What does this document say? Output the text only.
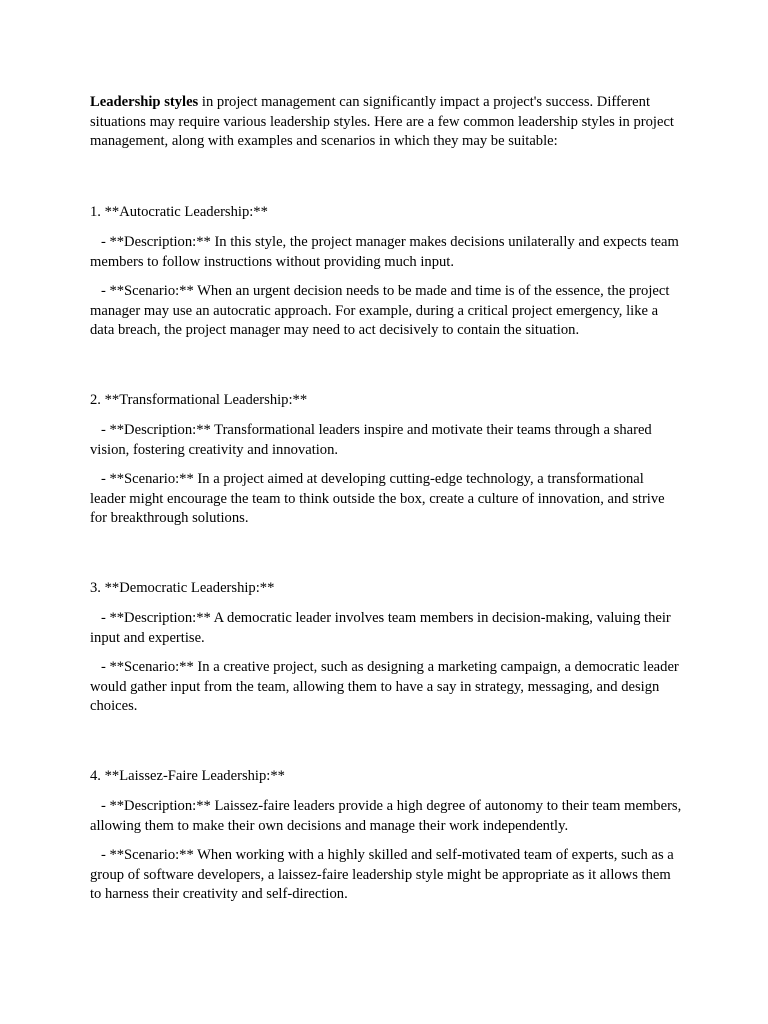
Leadership styles in project management can significantly impact a project's success. Different situations may require various leadership styles. Here are a few common leadership styles in project management, along with examples and scenarios in which they may be suitable:

1. **Autocratic Leadership:**
- **Description:** In this style, the project manager makes decisions unilaterally and expects team members to follow instructions without providing much input.
- **Scenario:** When an urgent decision needs to be made and time is of the essence, the project manager may use an autocratic approach. For example, during a critical project emergency, like a data breach, the project manager may need to act decisively to contain the situation.
2. **Transformational Leadership:**
- **Description:** Transformational leaders inspire and motivate their teams through a shared vision, fostering creativity and innovation.
- **Scenario:** In a project aimed at developing cutting-edge technology, a transformational leader might encourage the team to think outside the box, create a culture of innovation, and strive for breakthrough solutions.
3. **Democratic Leadership:**
- **Description:** A democratic leader involves team members in decision-making, valuing their input and expertise.
- **Scenario:** In a creative project, such as designing a marketing campaign, a democratic leader would gather input from the team, allowing them to have a say in strategy, messaging, and design choices.
4. **Laissez-Faire Leadership:**
- **Description:** Laissez-faire leaders provide a high degree of autonomy to their team members, allowing them to make their own decisions and manage their work independently.
- **Scenario:** When working with a highly skilled and self-motivated team of experts, such as a group of software developers, a laissez-faire leadership style might be appropriate as it allows them to harness their creativity and self-direction.
